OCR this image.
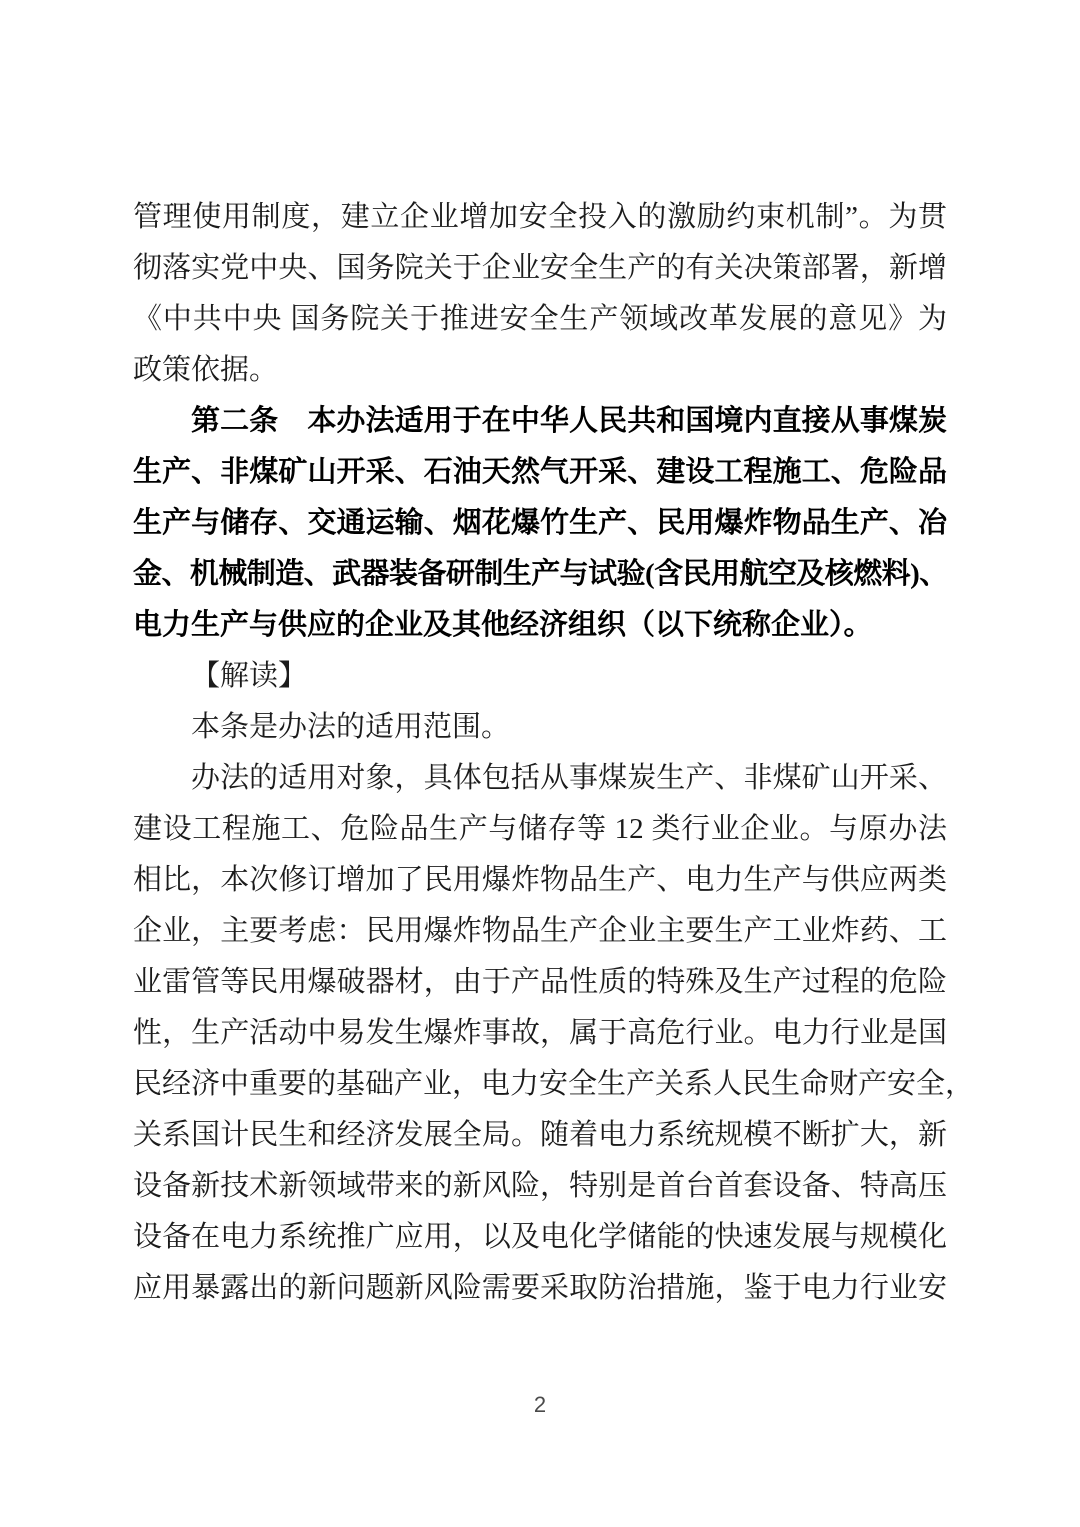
管理使用制度，建立企业增加安全投入的激励约束机制”。为贯
彻落实党中央、国务院关于企业安全生产的有关决策部署，新增
《中共中央 国务院关于推进安全生产领域改革发展的意见》为
政策依据。
第二条　本办法适用于在中华人民共和国境内直接从事煤炭
生产、非煤矿山开采、石油天然气开采、建设工程施工、危险品
生产与储存、交通运输、烟花爆竹生产、民用爆炸物品生产、冶
金、机械制造、武器装备研制生产与试验(含民用航空及核燃料)、
电力生产与供应的企业及其他经济组织（以下统称企业）。
【解读】
本条是办法的适用范围。
办法的适用对象，具体包括从事煤炭生产、非煤矿山开采、
建设工程施工、危险品生产与储存等 12 类行业企业。与原办法
相比，本次修订增加了民用爆炸物品生产、电力生产与供应两类
企业，主要考虑：民用爆炸物品生产企业主要生产工业炸药、工
业雷管等民用爆破器材，由于产品性质的特殊及生产过程的危险
性，生产活动中易发生爆炸事故，属于高危行业。电力行业是国
民经济中重要的基础产业，电力安全生产关系人民生命财产安全，
关系国计民生和经济发展全局。随着电力系统规模不断扩大，新
设备新技术新领域带来的新风险，特别是首台首套设备、特高压
设备在电力系统推广应用，以及电化学储能的快速发展与规模化
应用暴露出的新问题新风险需要采取防治措施，鉴于电力行业安
2
